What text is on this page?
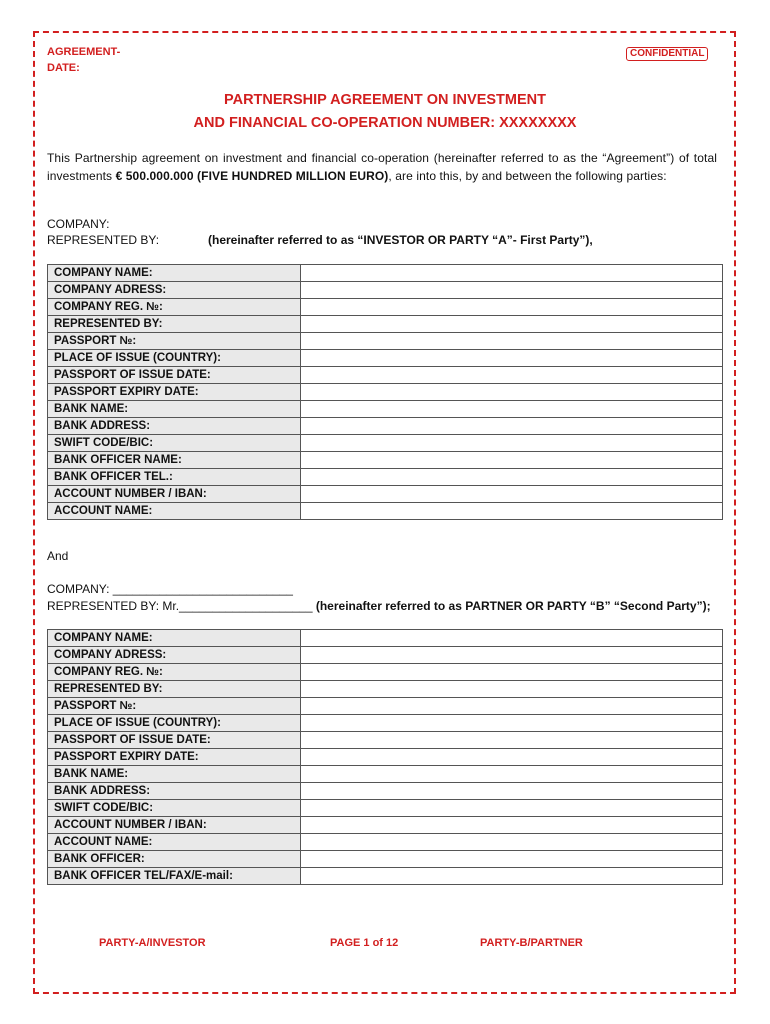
AGREEMENT-
DATE:
CONFIDENTIAL
PARTNERSHIP AGREEMENT ON INVESTMENT
AND FINANCIAL CO-OPERATION NUMBER: XXXXXXXX
This Partnership agreement on investment and financial co-operation (hereinafter referred to as the “Agreement”) of total investments € 500.000.000 (FIVE HUNDRED MILLION EURO), are into this, by and between the following parties:
COMPANY:
REPRESENTED BY:	(hereinafter referred to as “INVESTOR OR PARTY “A”- First Party”),
COMPANY NAME:	
COMPANY ADRESS:	
COMPANY REG. №:	
REPRESENTED BY:	
PASSPORT №:	
PLACE OF ISSUE (COUNTRY):	
PASSPORT OF ISSUE DATE:	
PASSPORT EXPIRY DATE:	
BANK NAME:	
BANK ADDRESS:	
SWIFT CODE/BIC:	
BANK OFFICER NAME:	
BANK OFFICER TEL.:	
ACCOUNT NUMBER / IBAN:	
ACCOUNT NAME:	
And
COMPANY: ___________________________
REPRESENTED BY: Mr.____________________ (hereinafter referred to as PARTNER OR PARTY “B” “Second Party”);
COMPANY NAME:	
COMPANY ADRESS:	
COMPANY REG. №:	
REPRESENTED BY:	
PASSPORT №:	
PLACE OF ISSUE (COUNTRY):	
PASSPORT OF ISSUE DATE:	
PASSPORT EXPIRY DATE:	
BANK NAME:	
BANK ADDRESS:	
SWIFT CODE/BIC:	
ACCOUNT NUMBER / IBAN:	
ACCOUNT NAME:	
BANK OFFICER:	
BANK OFFICER TEL/FAX/E-mail:	
PARTY-A/INVESTOR	PAGE 1 of 12	PARTY-B/PARTNER
